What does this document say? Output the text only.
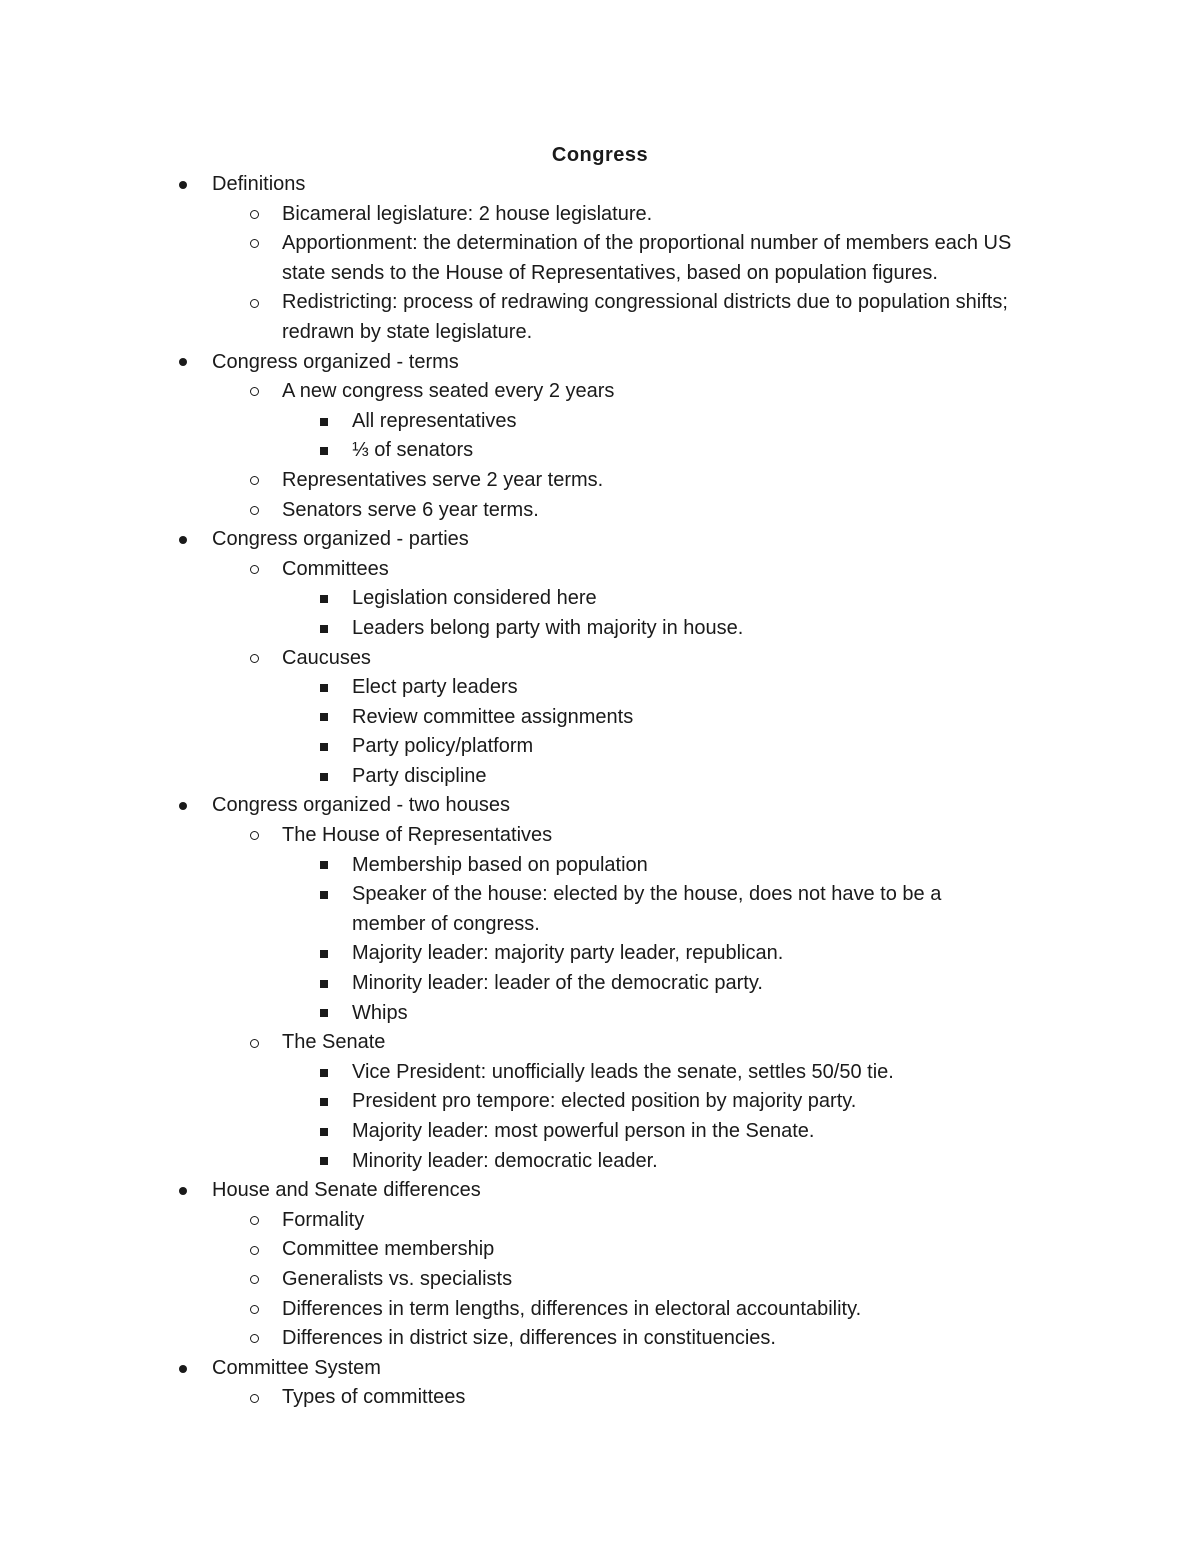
Congress
Definitions
Bicameral legislature: 2 house legislature.
Apportionment: the determination of the proportional number of members each US state sends to the House of Representatives, based on population figures.
Redistricting: process of redrawing congressional districts due to population shifts; redrawn by state legislature.
Congress organized - terms
A new congress seated every 2 years
All representatives
⅓ of senators
Representatives serve 2 year terms.
Senators serve 6 year terms.
Congress organized - parties
Committees
Legislation considered here
Leaders belong party with majority in house.
Caucuses
Elect party leaders
Review committee assignments
Party policy/platform
Party discipline
Congress organized - two houses
The House of Representatives
Membership based on population
Speaker of the house: elected by the house, does not have to be a member of congress.
Majority leader: majority party leader, republican.
Minority leader: leader of the democratic party.
Whips
The Senate
Vice President: unofficially leads the senate, settles 50/50 tie.
President pro tempore: elected position by majority party.
Majority leader: most powerful person in the Senate.
Minority leader: democratic leader.
House and Senate differences
Formality
Committee membership
Generalists vs. specialists
Differences in term lengths, differences in electoral accountability.
Differences in district size, differences in constituencies.
Committee System
Types of committees
